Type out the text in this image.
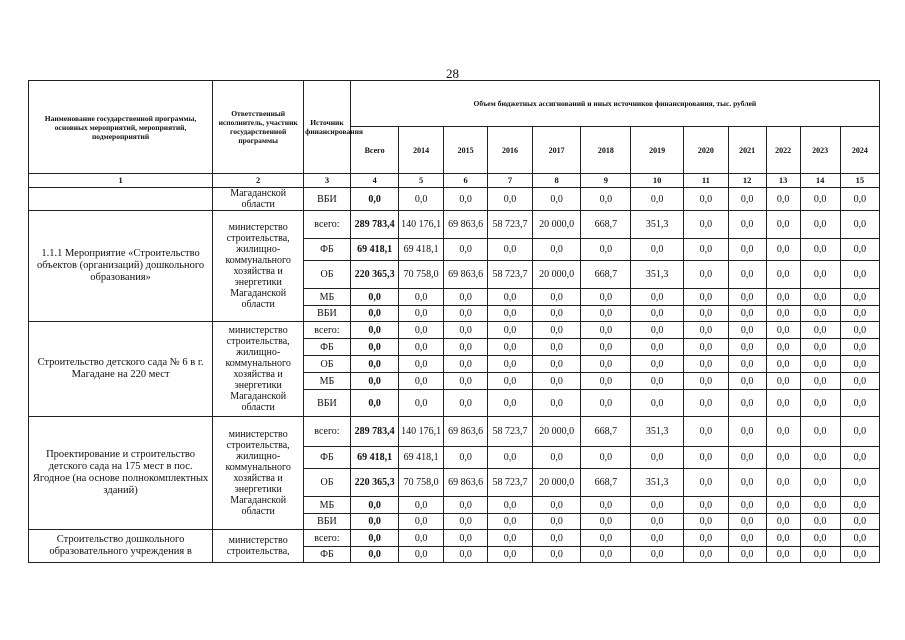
28
Наименование государственной программы, основных мероприятий, мероприятий, подмероприятий	Ответственный исполнитель, участник государственной программы	Источник финансирования	Объем бюджетных ассигнований и иных источников финансирования, тыс. рублей											
			Всего	2014	2015	2016	2017	2018	2019	2020	2021	2022	2023	2024
1	2	3	4	5	6	7	8	9	10	11	12	13	14	15
	Магаданской области	ВБИ	0,0	0,0	0,0	0,0	0,0	0,0	0,0	0,0	0,0	0,0	0,0	0,0
1.1.1 Мероприятие «Строительство объектов (организаций) дошкольного образования»	министерство строительства, жилищно-коммунального хозяйства и энергетики Магаданской области	всего:	289 783,4	140 176,1	69 863,6	58 723,7	20 000,0	668,7	351,3	0,0	0,0	0,0	0,0	0,0
		ФБ	69 418,1	69 418,1	0,0	0,0	0,0	0,0	0,0	0,0	0,0	0,0	0,0	0,0
		ОБ	220 365,3	70 758,0	69 863,6	58 723,7	20 000,0	668,7	351,3	0,0	0,0	0,0	0,0	0,0
		МБ	0,0	0,0	0,0	0,0	0,0	0,0	0,0	0,0	0,0	0,0	0,0	0,0
		ВБИ	0,0	0,0	0,0	0,0	0,0	0,0	0,0	0,0	0,0	0,0	0,0	0,0
Строительство детского сада № 6 в г. Магадане на 220 мест	министерство строительства, жилищно-коммунального хозяйства и энергетики Магаданской области	всего:	0,0	0,0	0,0	0,0	0,0	0,0	0,0	0,0	0,0	0,0	0,0	0,0
		ФБ	0,0	0,0	0,0	0,0	0,0	0,0	0,0	0,0	0,0	0,0	0,0	0,0
		ОБ	0,0	0,0	0,0	0,0	0,0	0,0	0,0	0,0	0,0	0,0	0,0	0,0
		МБ	0,0	0,0	0,0	0,0	0,0	0,0	0,0	0,0	0,0	0,0	0,0	0,0
		ВБИ	0,0	0,0	0,0	0,0	0,0	0,0	0,0	0,0	0,0	0,0	0,0	0,0
Проектирование и строительство детского сада на 175 мест в пос. Ягодное (на основе полнокомплектных зданий)	министерство строительства, жилищно-коммунального хозяйства и энергетики Магаданской области	всего:	289 783,4	140 176,1	69 863,6	58 723,7	20 000,0	668,7	351,3	0,0	0,0	0,0	0,0	0,0
		ФБ	69 418,1	69 418,1	0,0	0,0	0,0	0,0	0,0	0,0	0,0	0,0	0,0	0,0
		ОБ	220 365,3	70 758,0	69 863,6	58 723,7	20 000,0	668,7	351,3	0,0	0,0	0,0	0,0	0,0
		МБ	0,0	0,0	0,0	0,0	0,0	0,0	0,0	0,0	0,0	0,0	0,0	0,0
		ВБИ	0,0	0,0	0,0	0,0	0,0	0,0	0,0	0,0	0,0	0,0	0,0	0,0
Строительство дошкольного образовательного учреждения в	министерство строительства,	всего:	0,0	0,0	0,0	0,0	0,0	0,0	0,0	0,0	0,0	0,0	0,0	0,0
		ФБ	0,0	0,0	0,0	0,0	0,0	0,0	0,0	0,0	0,0	0,0	0,0	0,0
